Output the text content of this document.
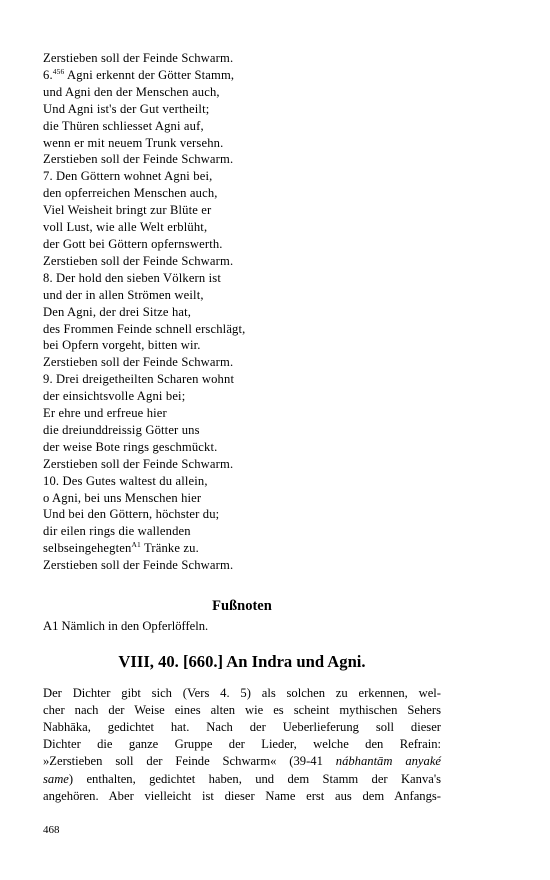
Zerstieben soll der Feinde Schwarm.
6.$^{456}$ Agni erkennt der Götter Stamm,
und Agni den der Menschen auch,
Und Agni ist's der Gut vertheilt;
die Thüren schliesset Agni auf,
wenn er mit neuem Trunk versehn.
Zerstieben soll der Feinde Schwarm.
7. Den Göttern wohnet Agni bei,
den opferreichen Menschen auch,
Viel Weisheit bringt zur Blüte er
voll Lust, wie alle Welt erblüht,
der Gott bei Göttern opfernswerth.
Zerstieben soll der Feinde Schwarm.
8. Der hold den sieben Völkern ist
und der in allen Strömen weilt,
Den Agni, der drei Sitze hat,
des Frommen Feinde schnell erschlägt,
bei Opfern vorgeht, bitten wir.
Zerstieben soll der Feinde Schwarm.
9. Drei dreigetheilten Scharen wohnt
der einsichtsvolle Agni bei;
Er ehre und erfreue hier
die dreiunddreissig Götter uns
der weise Bote rings geschmückt.
Zerstieben soll der Feinde Schwarm.
10. Des Gutes waltest du allein,
o Agni, bei uns Menschen hier
Und bei den Göttern, höchster du;
dir eilen rings die wallenden
selbseingehegten$^{A1}$ Tränke zu.
Zerstieben soll der Feinde Schwarm.
Fußnoten
A1 Nämlich in den Opferlöffeln.
VIII, 40. [660.] An Indra und Agni.
Der Dichter gibt sich (Vers 4. 5) als solchen zu erkennen, wel-
cher nach der Weise eines alten wie es scheint mythischen Sehers
Nabhāka, gedichtet hat. Nach der Ueberlieferung soll dieser
Dichter die ganze Gruppe der Lieder, welche den Refrain:
»Zerstieben soll der Feinde Schwarm« (39-41 nábhantām anyaké
same) enthalten, gedichtet haben, und dem Stamm der Kanva's
angehören. Aber vielleicht ist dieser Name erst aus dem Anfangs-
468
